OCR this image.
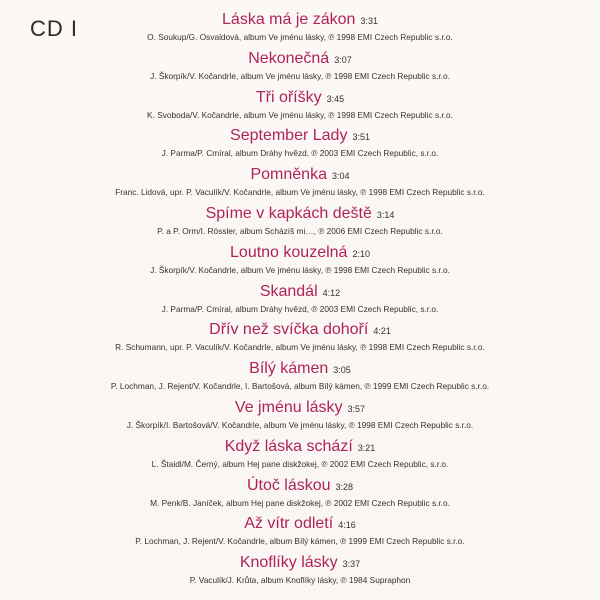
CD I	Láska má je zákon 3:31
O. Soukup/G. Osvaldová, album Ve jménu lásky, ℗ 1998 EMI Czech Republic s.r.o.
Nekonečná 3:07
J. Škorpík/V. Kočandrle, album Ve jménu lásky, ℗ 1998 EMI Czech Republic s.r.o.
Tři oříšky 3:45
K. Svoboda/V. Kočandrle, album Ve jménu lásky, ℗ 1998 EMI Czech Republic s.r.o.
September Lady 3:51
J. Parma/P. Cmíral, album Dráhy hvězd, ℗ 2003 EMI Czech Republic, s.r.o.
Pomněnka 3:04
Franc. Lidová, upr. P. Vaculík/V. Kočandrle, album Ve jménu lásky, ℗ 1998 EMI Czech Republic s.r.o.
Spíme v kapkách deště 3:14
P. a P. Orm/I. Rössler, album Scházíš mi…, ℗ 2006 EMI Czech Republic s.r.o.
Loutno kouzelná 2:10
J. Škorpík/V. Kočandrle, album Ve jménu lásky, ℗ 1998 EMI Czech Republic s.r.o.
Skandál 4:12
J. Parma/P. Cmíral, album Dráhy hvězd, ℗ 2003 EMI Czech Republic, s.r.o.
Dřív než svíčka dohoří 4:21
R. Schumann, upr. P. Vaculík/V. Kočandrle, album Ve jménu lásky, ℗ 1998 EMI Czech Republic s.r.o.
Bílý kámen 3:05
P. Lochman, J. Rejent/V. Kočandrle, I. Bartošová, album Bílý kámen, ℗ 1999 EMI Czech Republic s.r.o.
Ve jménu lásky 3:57
J. Škorpík/I. Bartošová/V. Kočandrle, album Ve jménu lásky, ℗ 1998 EMI Czech Republic s.r.o.
Když láska schází 3:21
L. Štaidl/M. Černý, album Hej pane diskžokej, ℗ 2002 EMI Czech Republic, s.r.o.
Útoč láskou 3:28
M. Penk/B. Janíček, album Hej pane diskžokej, ℗ 2002 EMI Czech Republic s.r.o.
Až vítr odletí 4:16
P. Lochman, J. Rejent/V. Kočandrle, album Bílý kámen, ℗ 1999 EMI Czech Republic s.r.o.
Knoflíky lásky 3:37
P. Vaculík/J. Krůta, album Knoflíky lásky, ℗ 1984 Supraphon
